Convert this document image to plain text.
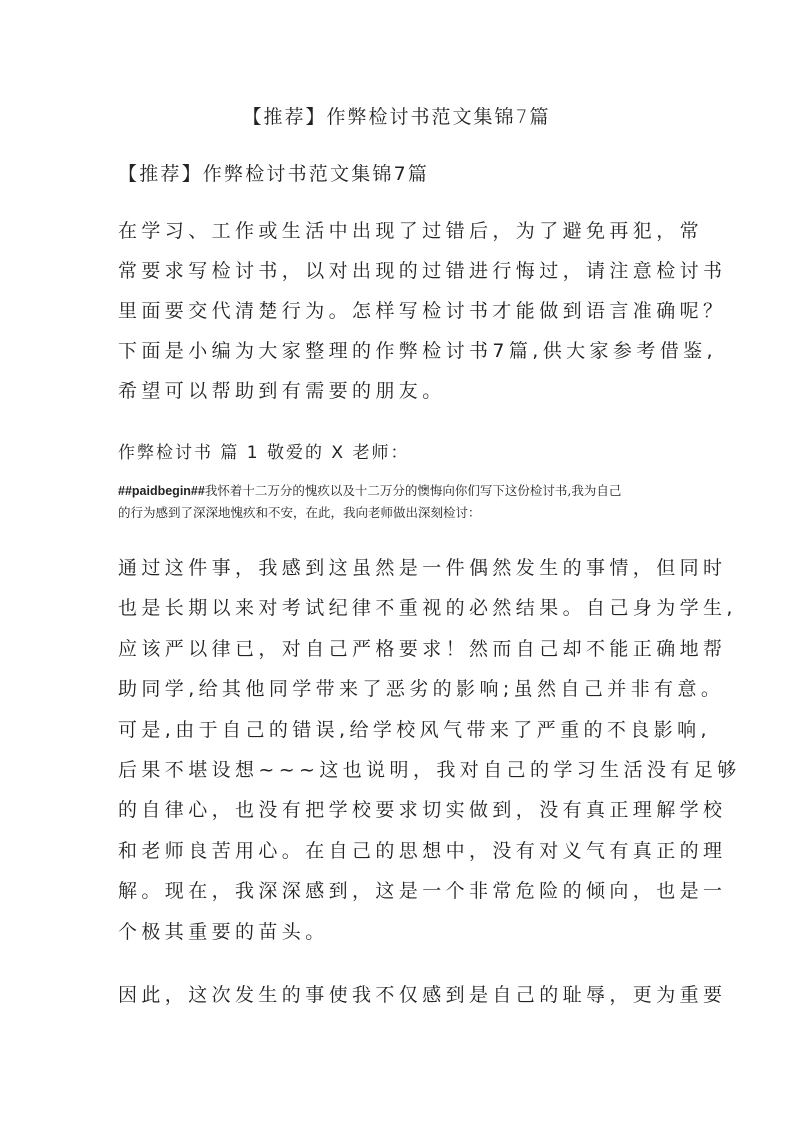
【推荐】作弊检讨书范文集锦7篇
【推荐】作弊检讨书范文集锦7篇
在学习、工作或生活中出现了过错后，为了避免再犯，常
常要求写检讨书，以对出现的过错进行悔过，请注意检讨书
里面要交代清楚行为。怎样写检讨书才能做到语言准确呢？
下面是小编为大家整理的作弊检讨书7篇,供大家参考借鉴,
希望可以帮助到有需要的朋友。
作弊检讨书 篇 1 敬爱的 X 老师：
##paidbegin##我怀着十二万分的愧疚以及十二万分的懊悔向你们写下这份检讨书,我为自己
的行为感到了深深地愧疚和不安，在此，我向老师做出深刻检讨：
通过这件事，我感到这虽然是一件偶然发生的事情，但同时
也是长期以来对考试纪律不重视的必然结果。自己身为学生,
应该严以律已，对自己严格要求！然而自己却不能正确地帮
助同学,给其他同学带来了恶劣的影响;虽然自己并非有意。
可是,由于自己的错误,给学校风气带来了严重的不良影响,
后果不堪设想~~~这也说明，我对自己的学习生活没有足够
的自律心，也没有把学校要求切实做到，没有真正理解学校
和老师良苦用心。在自己的思想中，没有对义气有真正的理
解。现在，我深深感到，这是一个非常危险的倾向，也是一
个极其重要的苗头。
因此，这次发生的事使我不仅感到是自己的耻辱，更为重要
